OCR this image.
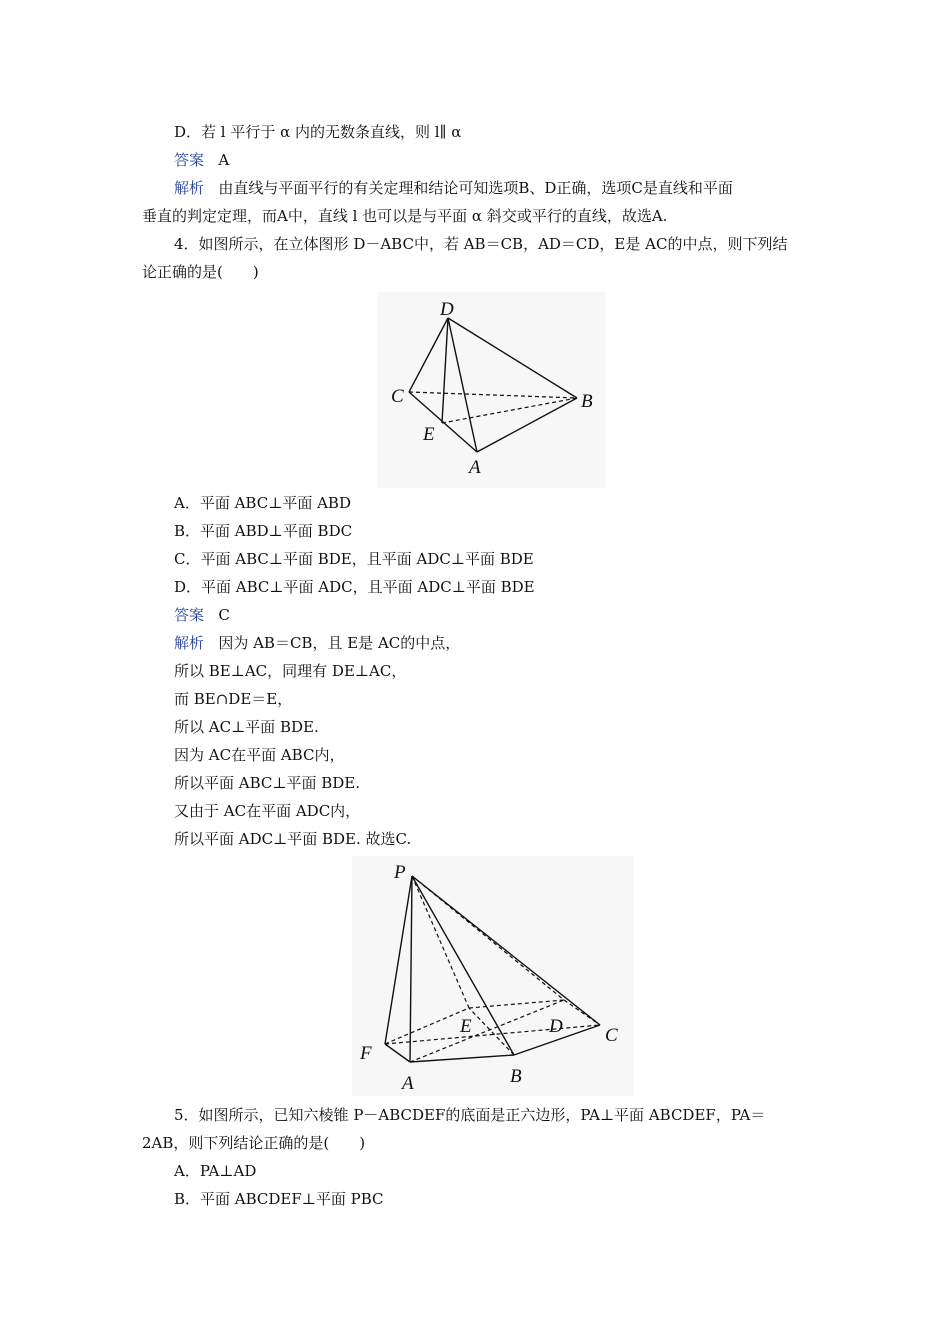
D．若 l 平行于 α 内的无数条直线，则 l∥ α
答案 A
解析 由直线与平面平行的有关定理和结论可知选项B、D正确，选项C是直线和平面
垂直的判定定理，而A中，直线 l 也可以是与平面 α 斜交或平行的直线，故选A.
4．如图所示，在立体图形 D－ABC中，若 AB＝CB，AD＝CD，E是 AC的中点，则下列结
论正确的是(　　)
D
C	B
E
A
A．平面 ABC⊥平面 ABD
B．平面 ABD⊥平面 BDC
C．平面 ABC⊥平面 BDE，且平面 ADC⊥平面 BDE
D．平面 ABC⊥平面 ADC，且平面 ADC⊥平面 BDE
答案 C
解析 因为 AB＝CB，且 E是 AC的中点，
所以 BE⊥AC，同理有 DE⊥AC，
而 BE∩DE＝E，
所以 AC⊥平面 BDE.
因为 AC在平面 ABC内，
所以平面 ABC⊥平面 BDE.
又由于 AC在平面 ADC内，
所以平面 ADC⊥平面 BDE. 故选C.
P
E	D C
F
A	B
5．如图所示，已知六棱锥 P－ABCDEF的底面是正六边形，PA⊥平面 ABCDEF，PA＝
2AB，则下列结论正确的是(　　)
A．PA⊥AD
B．平面 ABCDEF⊥平面 PBC
